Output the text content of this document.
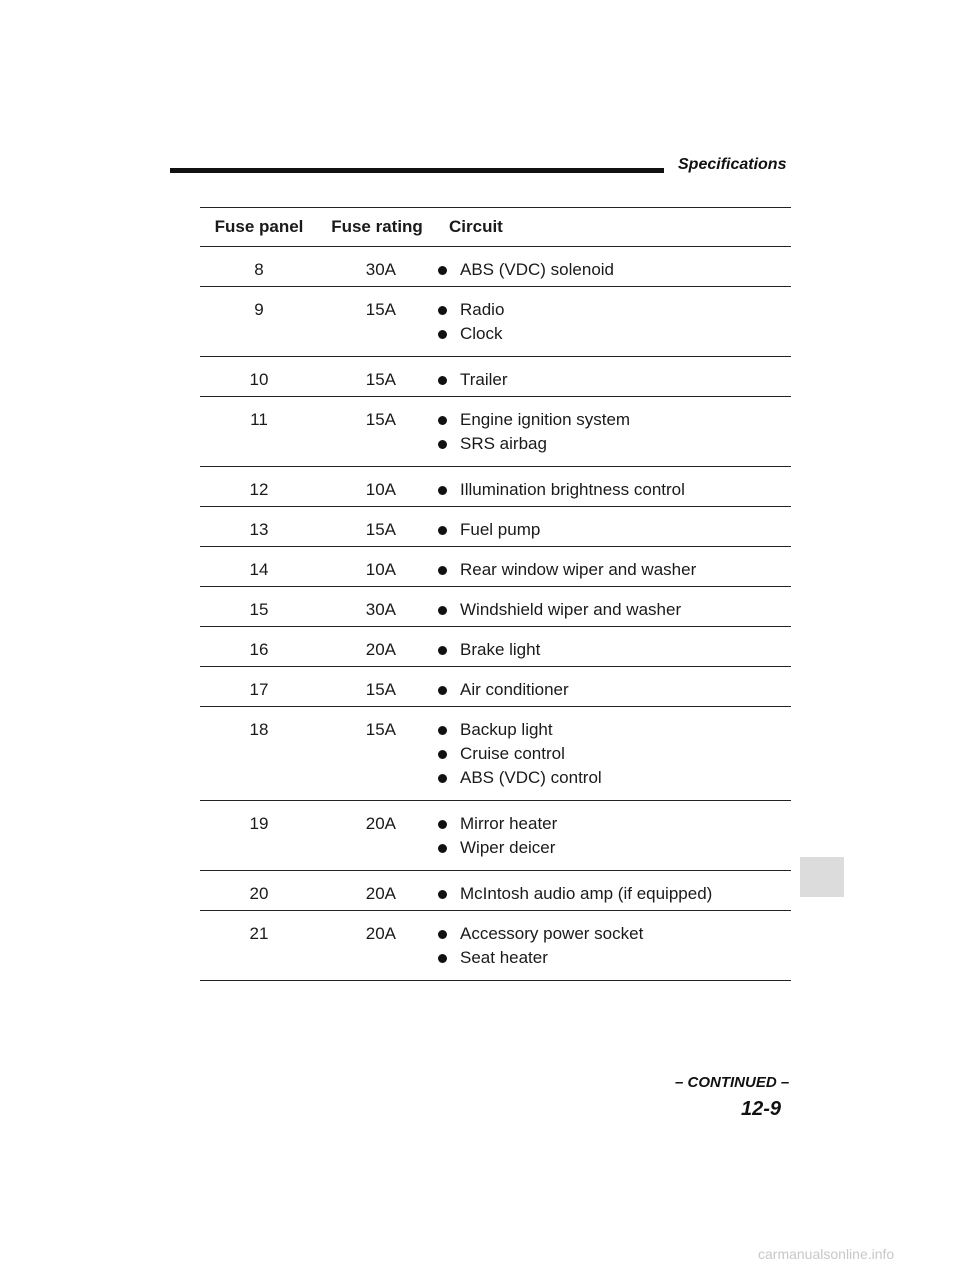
Specifications
Fuse panel	Fuse rating	Circuit
8	30A	ABS (VDC) solenoid

9	15A	Radio
Clock

10	15A	Trailer

11	15A	Engine ignition system
SRS airbag

12	10A	Illumination brightness control

13	15A	Fuel pump

14	10A	Rear window wiper and washer

15	30A	Windshield wiper and washer

16	20A	Brake light

17	15A	Air conditioner

18	15A	Backup light
Cruise control
ABS (VDC) control

19	20A	Mirror heater
Wiper deicer

20	20A	McIntosh audio amp (if equipped)

21	20A	Accessory power socket
Seat heater
– CONTINUED –
12-9
carmanualsonline.info
